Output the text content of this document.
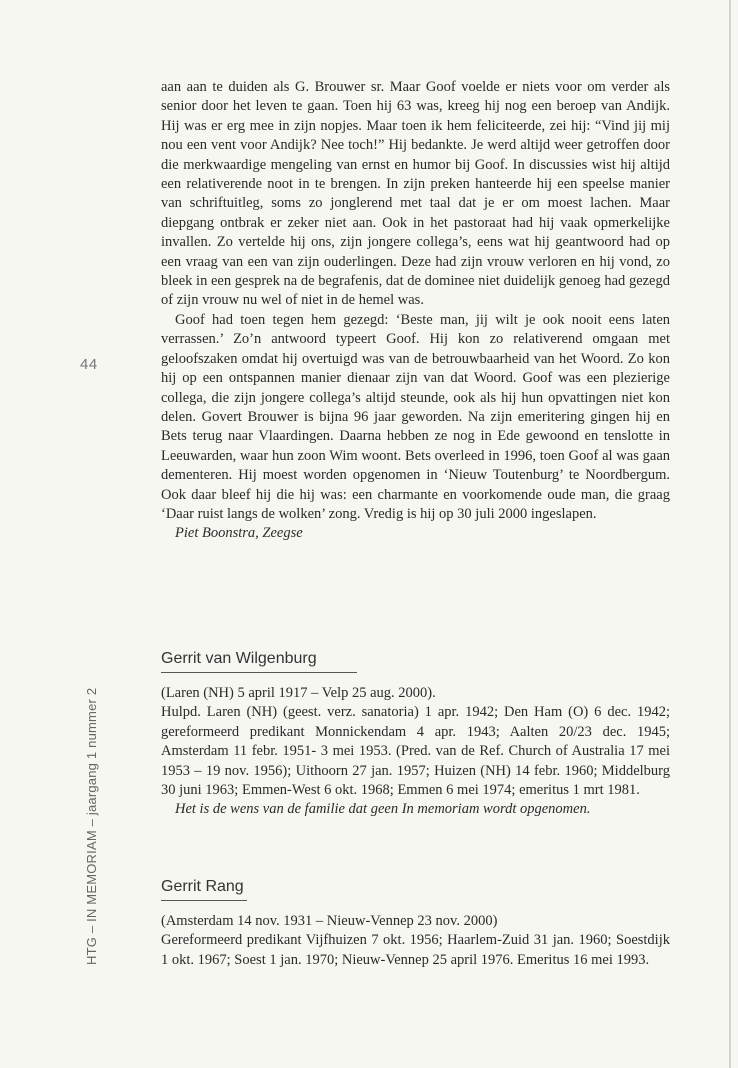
44
HTG – IN MEMORIAM – jaargang 1 nummer 2

aan aan te duiden als G. Brouwer sr. Maar Goof voelde er niets voor om verder als senior door het leven te gaan. Toen hij 63 was, kreeg hij nog een beroep van Andijk. Hij was er erg mee in zijn nopjes. Maar toen ik hem feliciteerde, zei hij: “Vind jij mij nou een vent voor Andijk? Nee toch!” Hij bedankte. Je werd altijd weer getroffen door die merkwaardige mengeling van ernst en humor bij Goof. In discussies wist hij altijd een relativerende noot in te brengen. In zijn preken hanteerde hij een speelse manier van schriftuitleg, soms zo jonglerend met taal dat je er om moest lachen. Maar diepgang ontbrak er zeker niet aan. Ook in het pastoraat had hij vaak opmerkelijke invallen. Zo vertelde hij ons, zijn jongere collega’s, eens wat hij geantwoord had op een vraag van een van zijn ouderlingen. Deze had zijn vrouw verloren en hij vond, zo bleek in een gesprek na de begrafenis, dat de dominee niet duidelijk genoeg had gezegd of zijn vrouw nu wel of niet in de hemel was.

Goof had toen tegen hem gezegd: ‘Beste man, jij wilt je ook nooit eens laten verrassen.’ Zo’n antwoord typeert Goof. Hij kon zo relativerend omgaan met geloofszaken omdat hij overtuigd was van de betrouwbaarheid van het Woord. Zo kon hij op een ontspannen manier dienaar zijn van dat Woord. Goof was een plezierige collega, die zijn jongere collega’s altijd steunde, ook als hij hun opvattingen niet kon delen. Govert Brouwer is bijna 96 jaar geworden. Na zijn emeritering gingen hij en Bets terug naar Vlaardingen. Daarna hebben ze nog in Ede gewoond en tenslotte in Leeuwarden, waar hun zoon Wim woont. Bets overleed in 1996, toen Goof al was gaan dementeren. Hij moest worden opgenomen in ‘Nieuw Toutenburg’ te Noordbergum. Ook daar bleef hij die hij was: een charmante en voorkomende oude man, die graag ‘Daar ruist langs de wolken’ zong. Vredig is hij op 30 juli 2000 ingeslapen.

Piet Boonstra, Zeegse

Gerrit van Wilgenburg

(Laren (NH) 5 april 1917 – Velp 25 aug. 2000).

Hulpd. Laren (NH) (geest. verz. sanatoria) 1 apr. 1942; Den Ham (O) 6 dec. 1942; gereformeerd predikant Monnickendam 4 apr. 1943; Aalten 20/23 dec. 1945; Amsterdam 11 febr. 1951- 3 mei 1953. (Pred. van de Ref. Church of Australia 17 mei 1953 – 19 nov. 1956); Uithoorn 27 jan. 1957; Huizen (NH) 14 febr. 1960; Middelburg 30 juni 1963; Emmen-West 6 okt. 1968; Emmen 6 mei 1974; emeritus 1 mrt 1981.

Het is de wens van de familie dat geen In memoriam wordt opgenomen.

Gerrit Rang

(Amsterdam 14 nov. 1931 – Nieuw-Vennep 23 nov. 2000)

Gereformeerd predikant Vijfhuizen 7 okt. 1956; Haarlem-Zuid 31 jan. 1960; Soestdijk 1 okt. 1967; Soest 1 jan. 1970; Nieuw-Vennep 25 april 1976. Emeritus 16 mei 1993.
